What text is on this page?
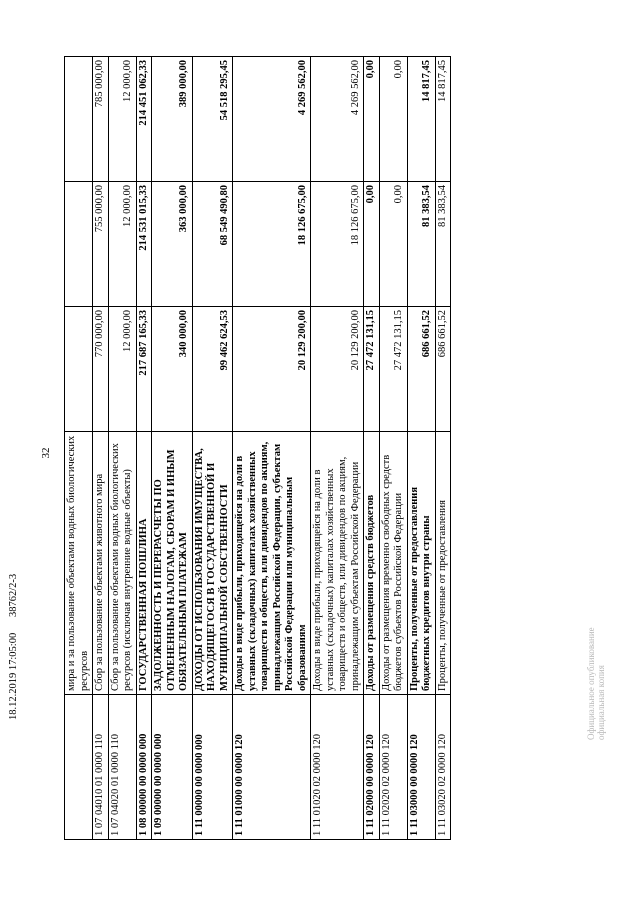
32
18.12.2019 17:05:00      38762/2-3
Официальное опубликование официальная копия
	мира и за пользование объектами водных биологических ресурсов			
1 07 04010 01 0000 110	Сбор за пользование объектами животного мира	770 000,00	755 000,00	785 000,00
1 07 04020 01 0000 110	Сбор за пользование объектами водных биологических ресурсов (исключая внутренние водные объекты)	12 000,00	12 000,00	12 000,00
1 08 00000 00 0000 000	ГОСУДАРСТВЕННАЯ ПОШЛИНА	217 687 165,33	214 531 015,33	214 451 062,33
1 09 00000 00 0000 000	ЗАДОЛЖЕННОСТЬ И ПЕРЕРАСЧЕТЫ ПО ОТМЕНЕННЫМ НАЛОГАМ, СБОРАМ И ИНЫМ ОБЯЗАТЕЛЬНЫМ ПЛАТЕЖАМ	340 000,00	363 000,00	389 000,00
1 11 00000 00 0000 000	ДОХОДЫ ОТ ИСПОЛЬЗОВАНИЯ ИМУЩЕСТВА, НАХОДЯЩЕГОСЯ В ГОСУДАРСТВЕННОЙ И МУНИЦИПАЛЬНОЙ СОБСТВЕННОСТИ	99 462 624,53	68 549 490,80	54 518 295,45
1 11 01000 00 0000 120	Доходы в виде прибыли, приходящейся на доли в уставных (складочных) капиталах хозяйственных товариществ и обществ, или дивидендов по акциям, принадлежащим Российской Федерации, субъектам Российской Федерации или муниципальным образованиям	20 129 200,00	18 126 675,00	4 269 562,00
1 11 01020 02 0000 120	Доходы в виде прибыли, приходящейся на доли в уставных (складочных) капиталах хозяйственных товариществ и обществ, или дивидендов по акциям, принадлежащим субъектам Российской Федерации	20 129 200,00	18 126 675,00	4 269 562,00
1 11 02000 00 0000 120	Доходы от размещения средств бюджетов	27 472 131,15	0,00	0,00
1 11 02020 02 0000 120	Доходы от размещения временно свободных средств бюджетов субъектов Российской Федерации	27 472 131,15	0,00	0,00
1 11 03000 00 0000 120	Проценты, полученные от предоставления бюджетных кредитов внутри страны	686 661,52	81 383,54	14 817,45
1 11 03020 02 0000 120	Проценты, полученные от предоставления	686 661,52	81 383,54	14 817,45
